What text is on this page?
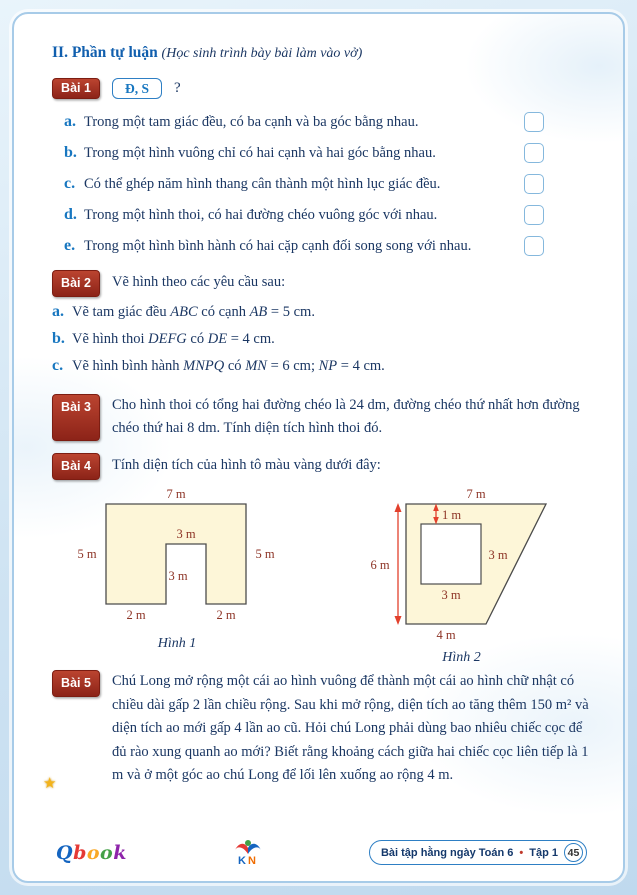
II. Phần tự luận (Học sinh trình bày bài làm vào vở)
Bài 1	Đ, S	?
a. Trong một tam giác đều, có ba cạnh và ba góc bằng nhau.
b. Trong một hình vuông chỉ có hai cạnh và hai góc bằng nhau.
c. Có thể ghép năm hình thang cân thành một hình lục giác đều.
d. Trong một hình thoi, có hai đường chéo vuông góc với nhau.
e. Trong một hình bình hành có hai cặp cạnh đối song song với nhau.
Bài 2	Vẽ hình theo các yêu cầu sau:
a. Vẽ tam giác đều ABC có cạnh AB = 5 cm.
b. Vẽ hình thoi DEFG có DE = 4 cm.
c. Vẽ hình bình hành MNPQ có MN = 6 cm; NP = 4 cm.
Bài 3	Cho hình thoi có tổng hai đường chéo là 24 dm, đường chéo thứ nhất hơn đường chéo thứ hai 8 dm. Tính diện tích hình thoi đó.

Bài 4	Tính diện tích của hình tô màu vàng dưới đây:
7 m
5 m	5 m
3 m
3 m
2 m	2 m
Hình 1
7 m
1 m
6 m
3 m
3 m
4 m
Hình 2
Bài 5
★

Chú Long mở rộng một cái ao hình vuông để thành một cái ao hình chữ nhật có chiều dài gấp 2 lần chiều rộng. Sau khi mở rộng, diện tích ao tăng thêm 150 m² và diện tích ao mới gấp 4 lần ao cũ. Hỏi chú Long phải dùng bao nhiêu chiếc cọc để đủ rào xung quanh ao mới? Biết rằng khoảng cách giữa hai chiếc cọc liên tiếp là 1 m và ở một góc ao chú Long để lối lên xuống ao rộng 4 m.

Qbook	KN
Bài tập hằng ngày Toán 6 • Tập 1 45
